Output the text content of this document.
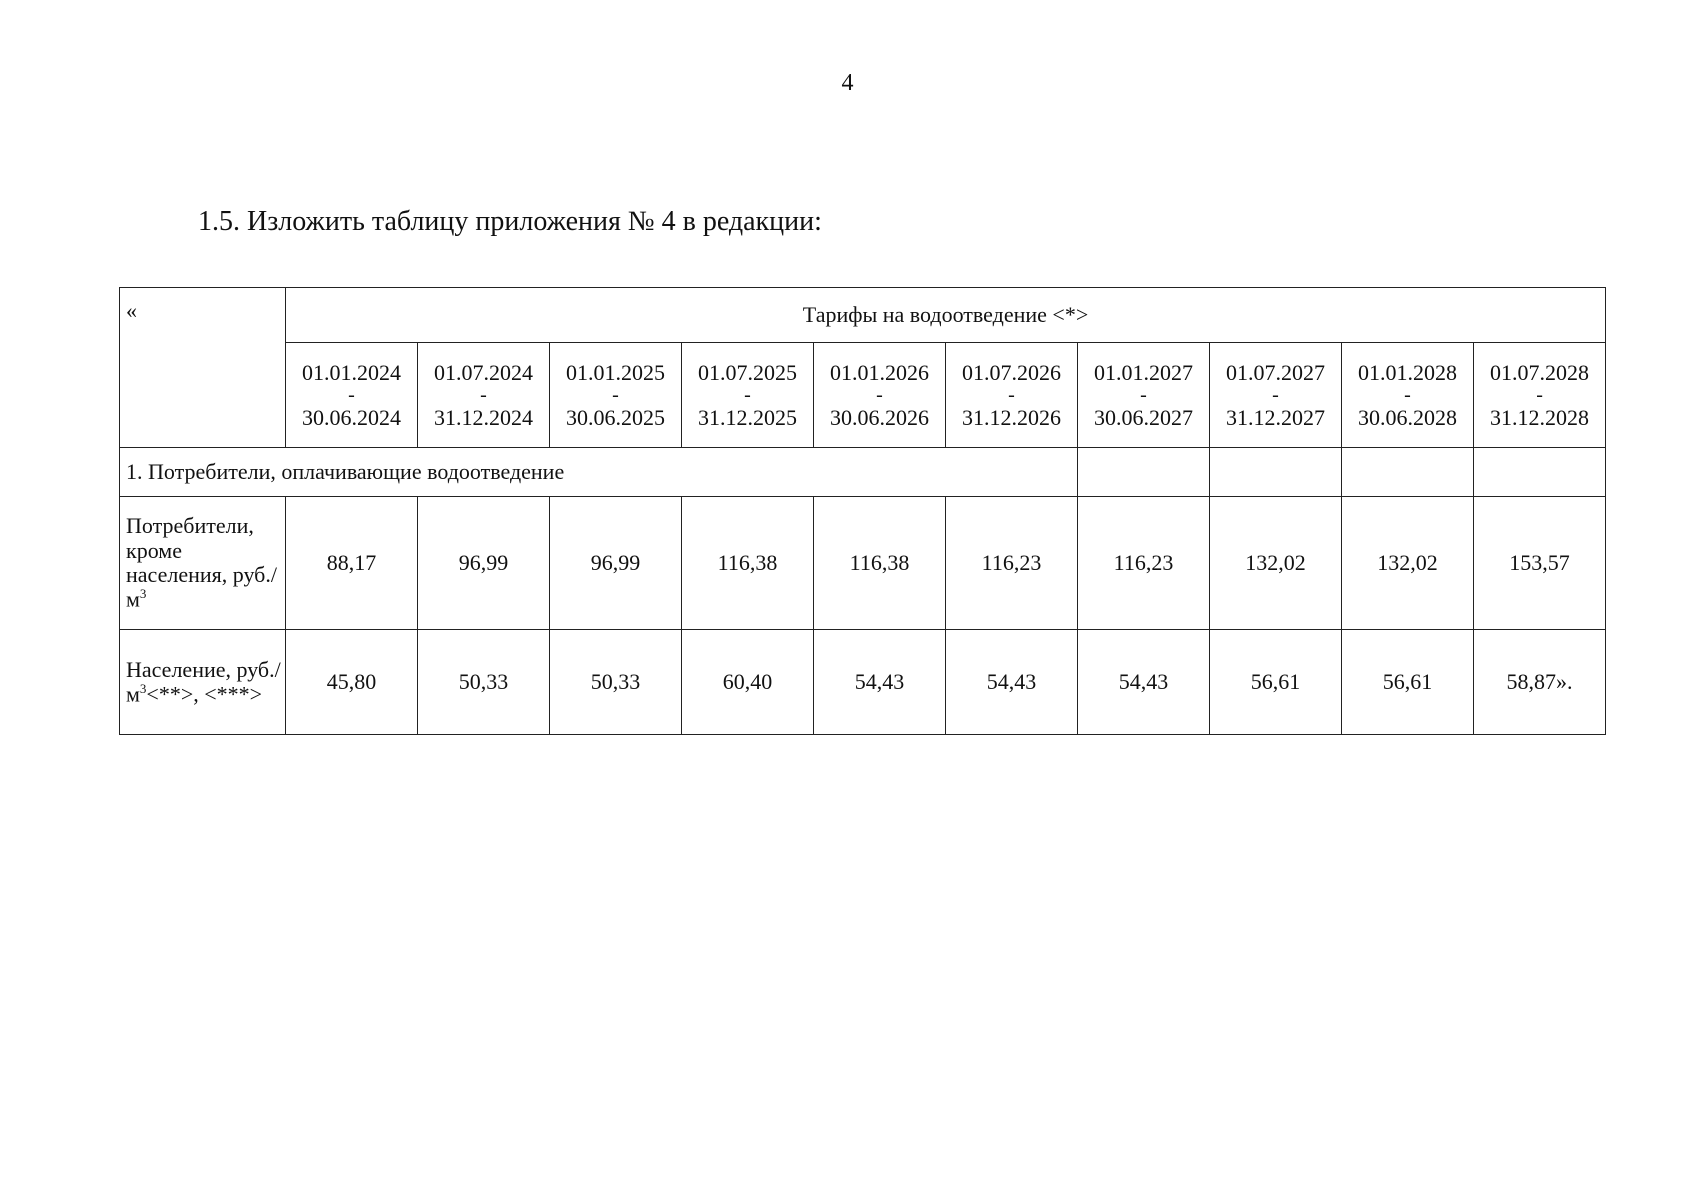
4
1.5. Изложить таблицу приложения № 4 в редакции:
«	Тарифы на водоотведение <*>									
	01.01.2024
-
30.06.2024	01.07.2024
-
31.12.2024	01.01.2025
-
30.06.2025	01.07.2025
-
31.12.2025	01.01.2026
-
30.06.2026	01.07.2026
-
31.12.2026	01.01.2027
-
30.06.2027	01.07.2027
-
31.12.2027	01.01.2028
-
30.06.2028	01.07.2028
-
31.12.2028
1. Потребители, оплачивающие водоотведение										
Потребители, кроме населения, $руб./м^3$	88,17	96,99	96,99	116,38	116,38	116,23	116,23	132,02	132,02	153,57
Население, $руб./м^3<**>$, <***>	45,80	50,33	50,33	60,40	54,43	54,43	54,43	56,61	56,61	58,87».
